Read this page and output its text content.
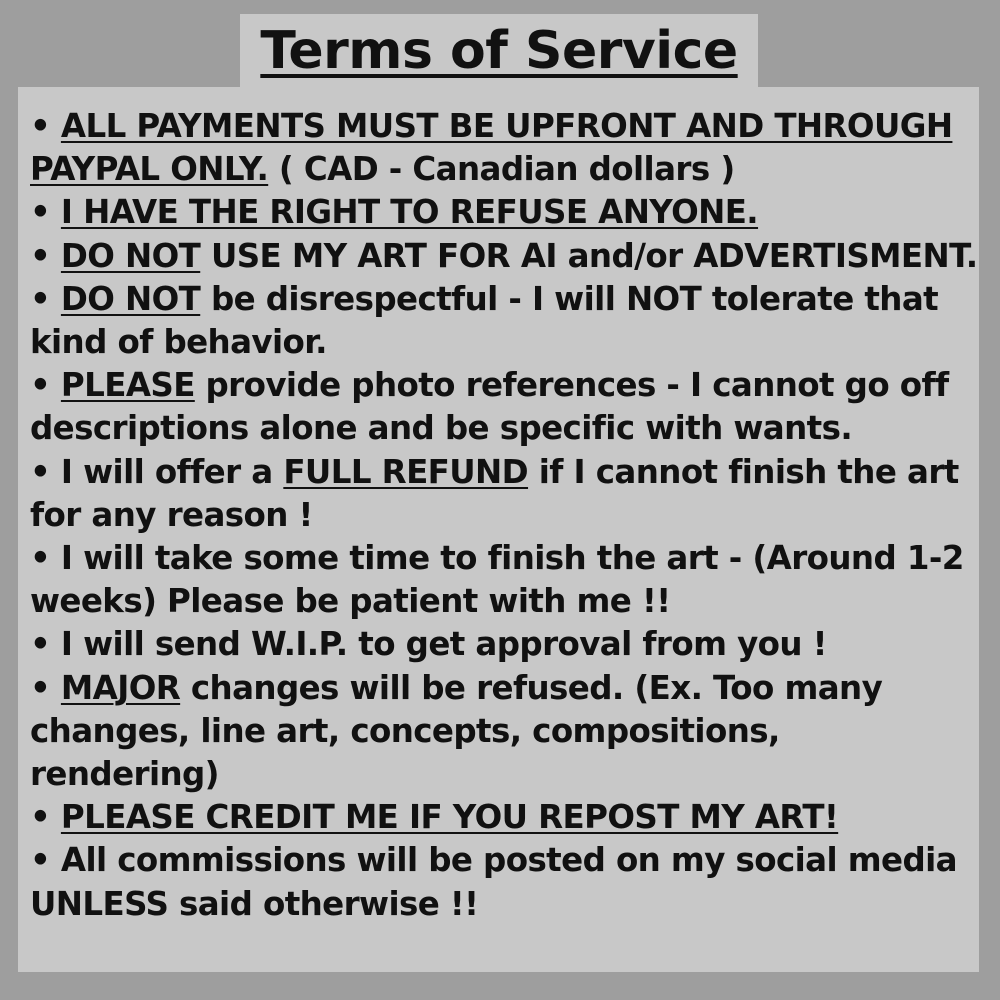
Terms of Service
• ALL PAYMENTS MUST BE UPFRONT AND THROUGH PAYPAL ONLY. ( CAD - Canadian dollars )
• I HAVE THE RIGHT TO REFUSE ANYONE.
• DO NOT USE MY ART FOR AI and/or ADVERTISMENT.
• DO NOT be disrespectful - I will NOT tolerate that kind of behavior.
• PLEASE provide photo references - I cannot go off descriptions alone and be specific with wants.
• I will offer a FULL REFUND if I cannot finish the art for any reason !
• I will take some time to finish the art - (Around 1-2 weeks) Please be patient with me !!
• I will send W.I.P. to get approval from you !
• MAJOR changes will be refused. (Ex. Too many changes, line art, concepts, compositions, rendering)
• PLEASE CREDIT ME IF YOU REPOST MY ART!
• All commissions will be posted on my social media UNLESS said otherwise !!
